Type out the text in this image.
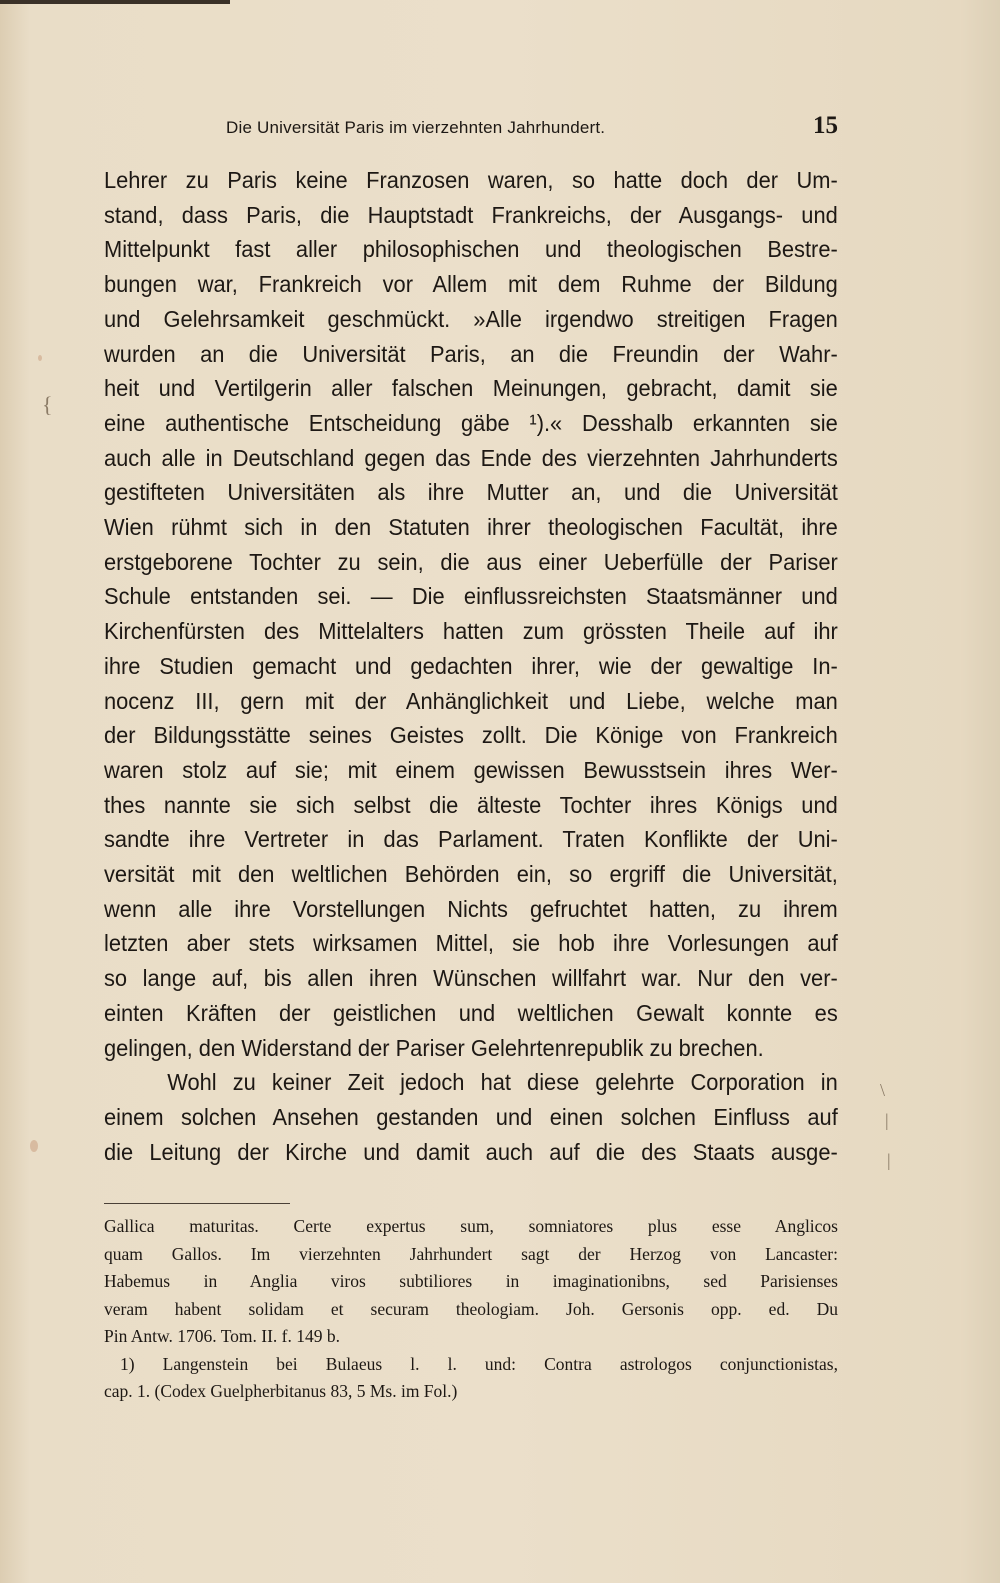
Die Universität Paris im vierzehnten Jahrhundert.	15
Lehrer zu Paris keine Franzosen waren, so hatte doch der Um-
stand, dass Paris, die Hauptstadt Frankreichs, der Ausgangs- und
Mittelpunkt fast aller philosophischen und theologischen Bestre-
bungen war, Frankreich vor Allem mit dem Ruhme der Bildung
und Gelehrsamkeit geschmückt. »Alle irgendwo streitigen Fragen
wurden an die Universität Paris, an die Freundin der Wahr-
heit und Vertilgerin aller falschen Meinungen, gebracht, damit sie
eine authentische Entscheidung gäbe ¹).« Desshalb erkannten sie
auch alle in Deutschland gegen das Ende des vierzehnten Jahrhunderts
gestifteten Universitäten als ihre Mutter an, und die Universität
Wien rühmt sich in den Statuten ihrer theologischen Facultät, ihre
erstgeborene Tochter zu sein, die aus einer Ueberfülle der Pariser
Schule entstanden sei. — Die einflussreichsten Staatsmänner und
Kirchenfürsten des Mittelalters hatten zum grössten Theile auf ihr
ihre Studien gemacht und gedachten ihrer, wie der gewaltige In-
nocenz III, gern mit der Anhänglichkeit und Liebe, welche man
der Bildungsstätte seines Geistes zollt. Die Könige von Frankreich
waren stolz auf sie; mit einem gewissen Bewusstsein ihres Wer-
thes nannte sie sich selbst die älteste Tochter ihres Königs und
sandte ihre Vertreter in das Parlament. Traten Konflikte der Uni-
versität mit den weltlichen Behörden ein, so ergriff die Universität,
wenn alle ihre Vorstellungen Nichts gefruchtet hatten, zu ihrem
letzten aber stets wirksamen Mittel, sie hob ihre Vorlesungen auf
so lange auf, bis allen ihren Wünschen willfahrt war. Nur den ver-
einten Kräften der geistlichen und weltlichen Gewalt konnte es
gelingen, den Widerstand der Pariser Gelehrtenrepublik zu brechen.
Wohl zu keiner Zeit jedoch hat diese gelehrte Corporation in
einem solchen Ansehen gestanden und einen solchen Einfluss auf
die Leitung der Kirche und damit auch auf die des Staats ausge-
Gallica maturitas. Certe expertus sum, somniatores plus esse Anglicos
quam Gallos. Im vierzehnten Jahrhundert sagt der Herzog von Lancaster:
Habemus in Anglia viros subtiliores in imaginationibns, sed Parisienses
veram habent solidam et securam theologiam. Joh. Gersonis opp. ed. Du
Pin Antw. 1706. Tom. II. f. 149 b.
1) Langenstein bei Bulaeus l. l. und: Contra astrologos conjunctionistas,
cap. 1. (Codex Guelpherbitanus 83, 5 Ms. im Fol.)
{
\
|
|
